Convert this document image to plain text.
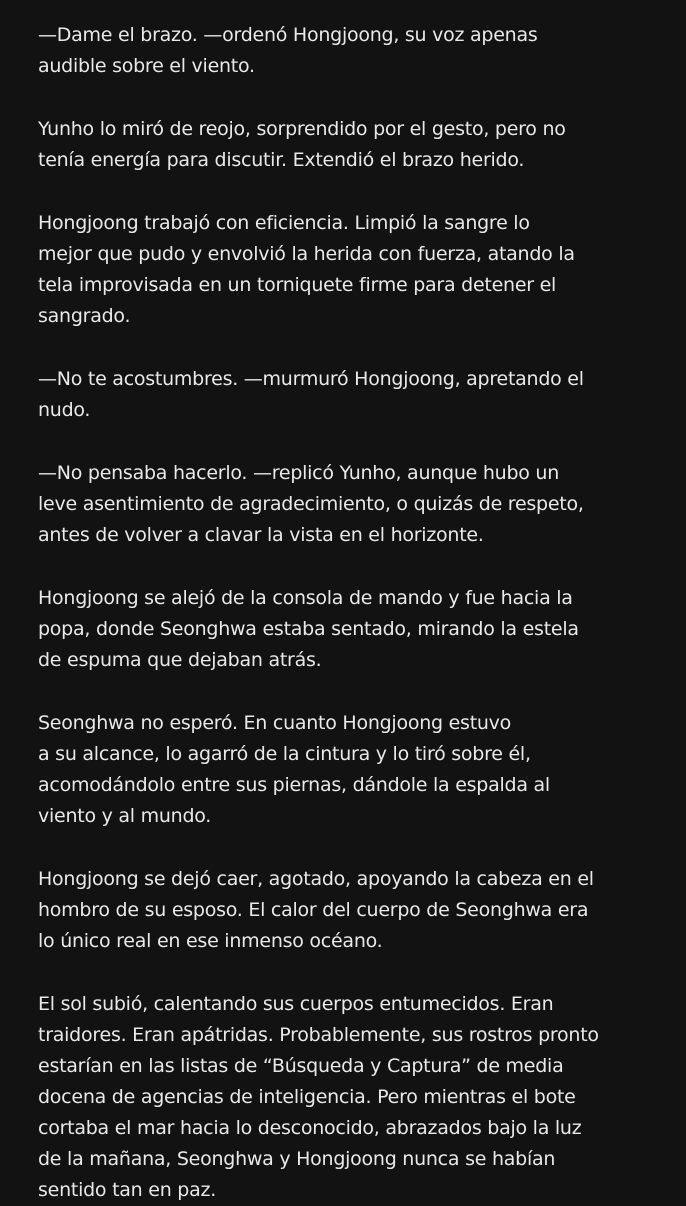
—Dame el brazo. —ordenó Hongjoong, su voz apenas
audible sobre el viento.
Yunho lo miró de reojo, sorprendido por el gesto, pero no
tenía energía para discutir. Extendió el brazo herido.
Hongjoong trabajó con eficiencia. Limpió la sangre lo
mejor que pudo y envolvió la herida con fuerza, atando la
tela improvisada en un torniquete firme para detener el
sangrado.
—No te acostumbres. —murmuró Hongjoong, apretando el
nudo.
—No pensaba hacerlo. —replicó Yunho, aunque hubo un
leve asentimiento de agradecimiento, o quizás de respeto,
antes de volver a clavar la vista en el horizonte.
Hongjoong se alejó de la consola de mando y fue hacia la
popa, donde Seonghwa estaba sentado, mirando la estela
de espuma que dejaban atrás.
Seonghwa no esperó. En cuanto Hongjoong estuvo
a su alcance, lo agarró de la cintura y lo tiró sobre él,
acomodándolo entre sus piernas, dándole la espalda al
viento y al mundo.
Hongjoong se dejó caer, agotado, apoyando la cabeza en el
hombro de su esposo. El calor del cuerpo de Seonghwa era
lo único real en ese inmenso océano.
El sol subió, calentando sus cuerpos entumecidos. Eran
traidores. Eran apátridas. Probablemente, sus rostros pronto
estarían en las listas de “Búsqueda y Captura” de media
docena de agencias de inteligencia. Pero mientras el bote
cortaba el mar hacia lo desconocido, abrazados bajo la luz
de la mañana, Seonghwa y Hongjoong nunca se habían
sentido tan en paz.
